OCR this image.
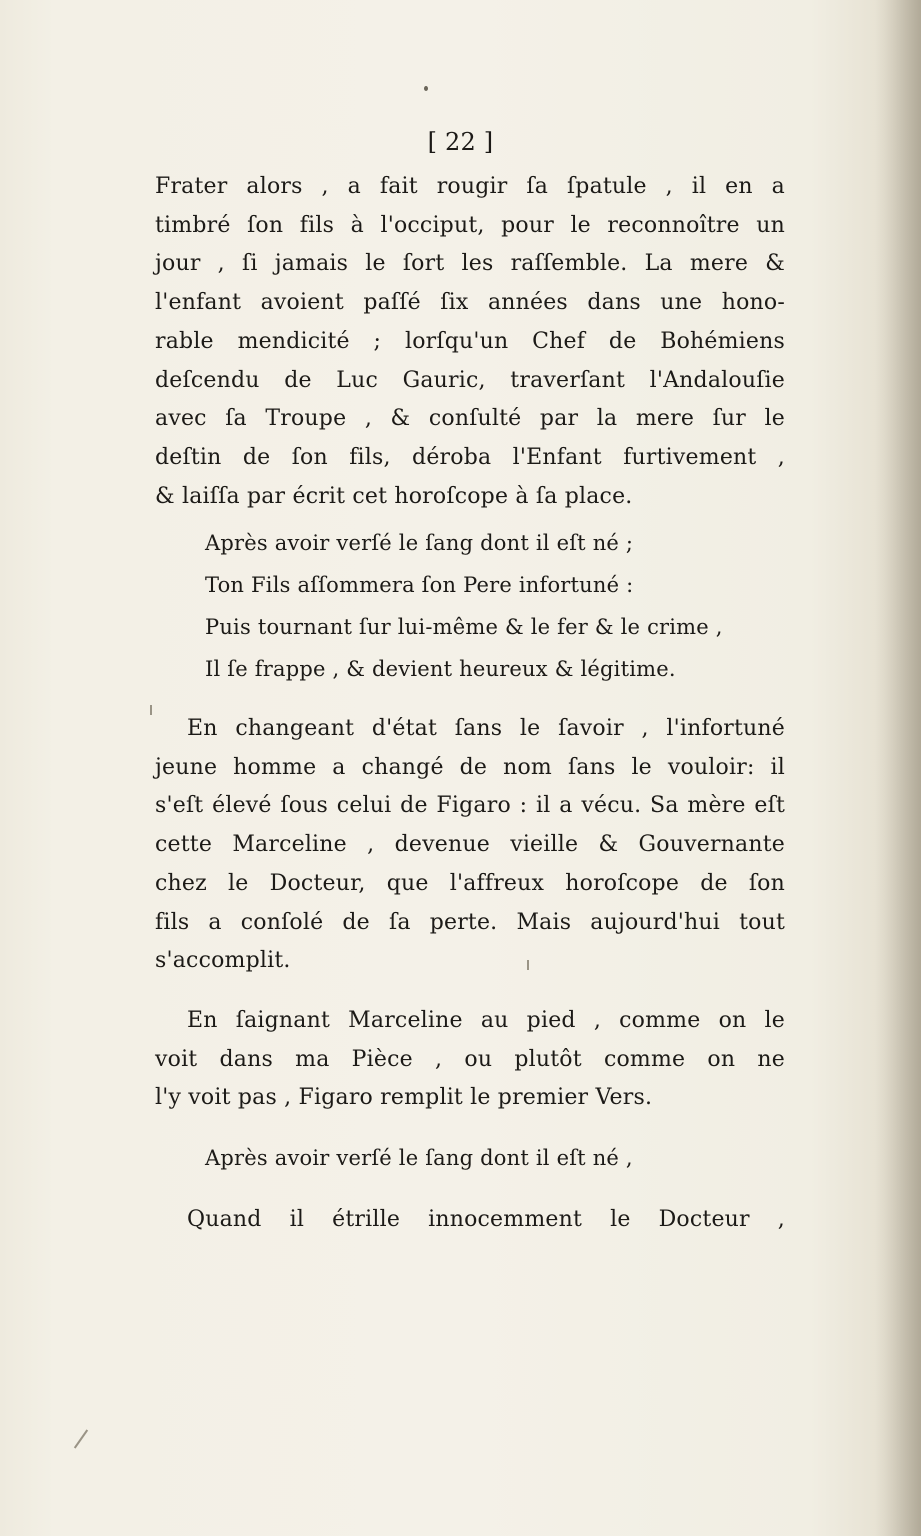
[ 22 ]
Frater alors , a fait rougir ſa ſpatule , il en a
timbré ſon fils à l'occiput, pour le reconnoître un
jour , ſi jamais le ſort les raſſemble. La mere &
l'enfant avoient paſſé ſix années dans une hono-
rable mendicité ; lorſqu'un Chef de Bohémiens
deſcendu de Luc Gauric, traverſant l'Andalouſie
avec ſa Troupe , & conſulté par la mere ſur le
deſtin de ſon fils, déroba l'Enfant furtivement ,
& laiſſa par écrit cet horoſcope à ſa place.
Après avoir verſé le ſang dont il eſt né ;
Ton Fils aſſommera ſon Pere infortuné :
Puis tournant ſur lui-même & le fer & le crime ,
Il ſe frappe , & devient heureux & légitime.
En changeant d'état ſans le ſavoir , l'infortuné
jeune homme a changé de nom ſans le vouloir: il
s'eſt élevé ſous celui de Figaro : il a vécu. Sa mère eſt
cette Marceline , devenue vieille & Gouvernante
chez le Docteur, que l'affreux horoſcope de ſon
fils a conſolé de ſa perte. Mais aujourd'hui tout
s'accomplit.
En ſaignant Marceline au pied , comme on le
voit dans ma Pièce , ou plutôt comme on ne
l'y voit pas , Figaro remplit le premier Vers.
Après avoir verſé le ſang dont il eſt né ,
Quand il étrille innocemment le Docteur ,
